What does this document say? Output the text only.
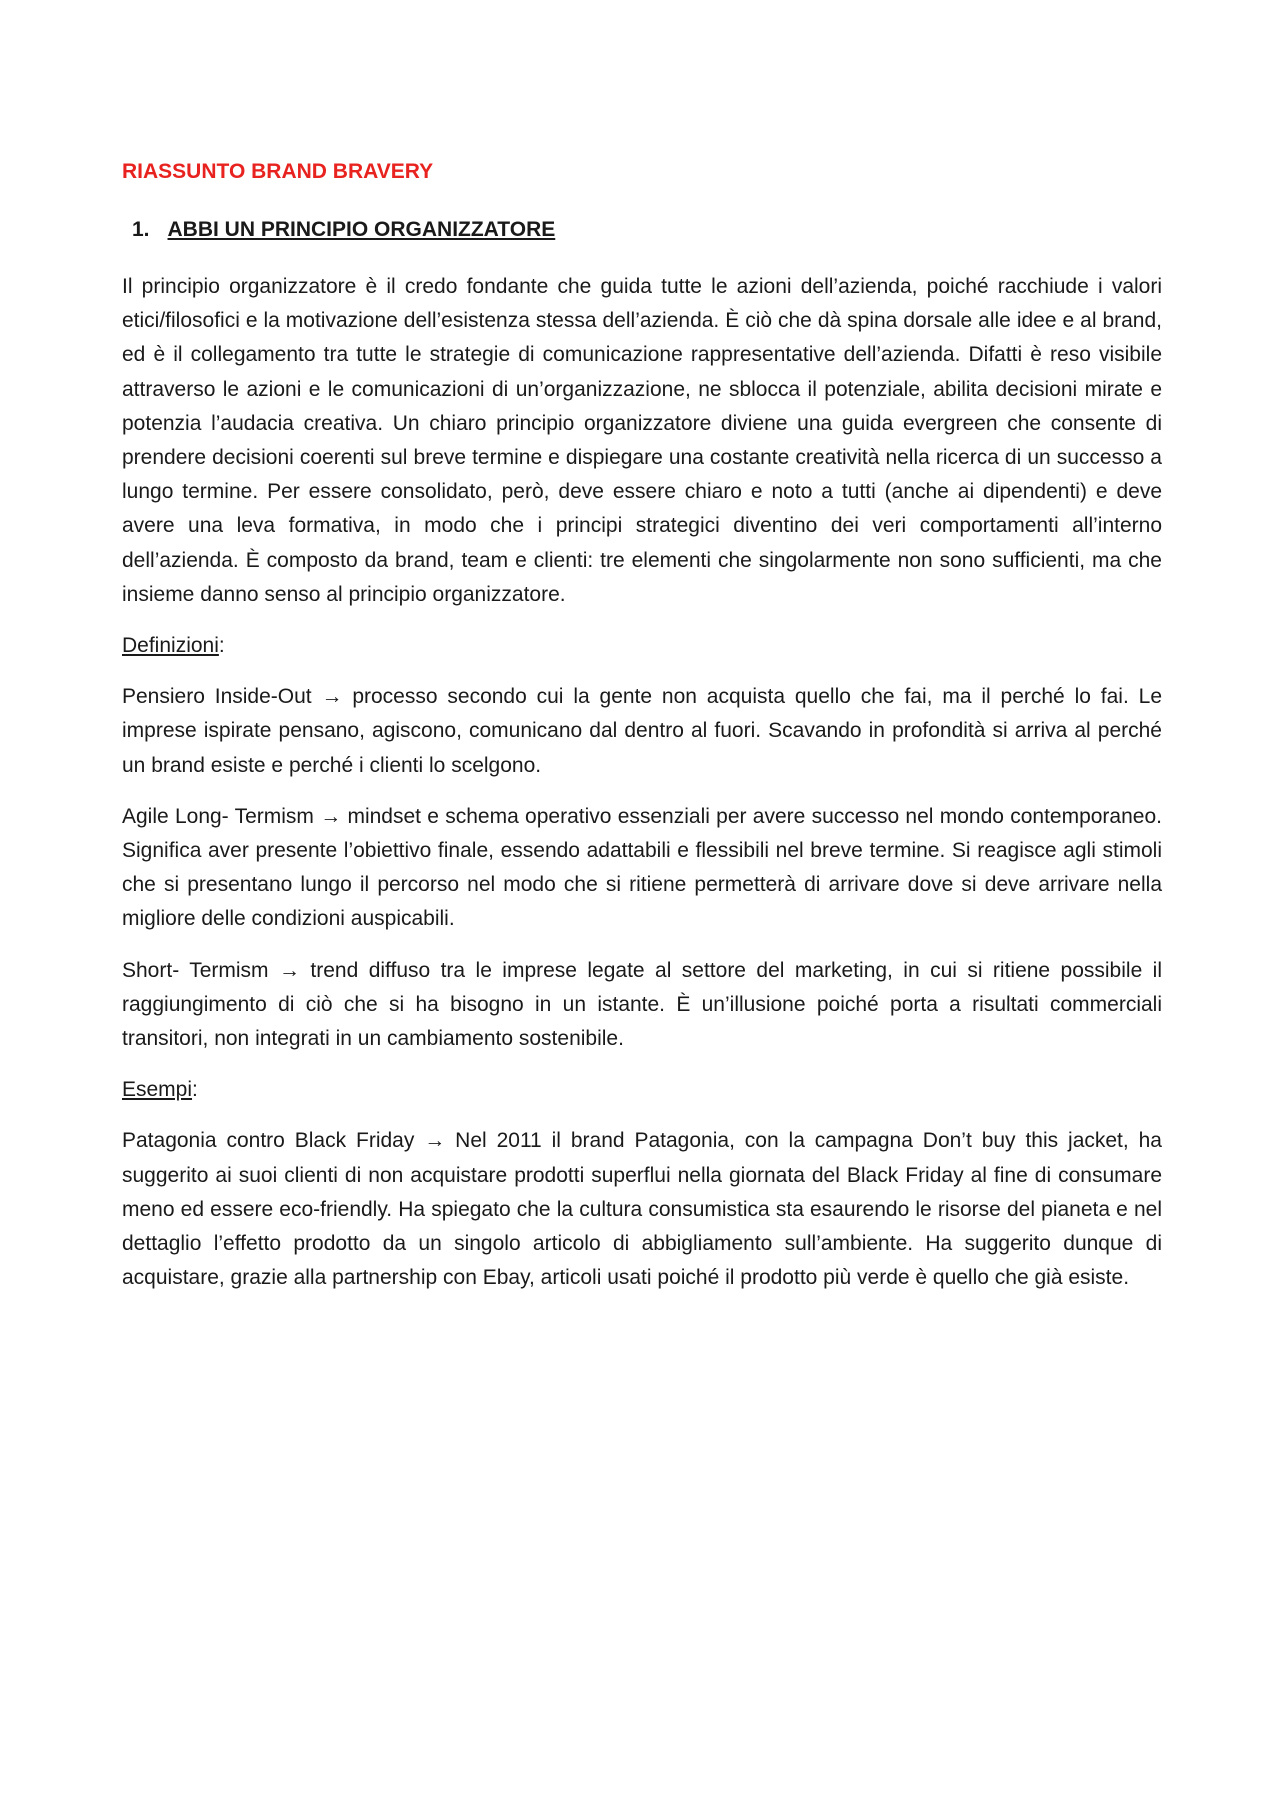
RIASSUNTO BRAND BRAVERY
1. ABBI UN PRINCIPIO ORGANIZZATORE

Il principio organizzatore è il credo fondante che guida tutte le azioni dell’azienda, poiché racchiude i valori etici/filosofici e la motivazione dell’esistenza stessa dell’azienda. È ciò che dà spina dorsale alle idee e al brand, ed è il collegamento tra tutte le strategie di comunicazione rappresentative dell’azienda. Difatti è reso visibile attraverso le azioni e le comunicazioni di un’organizzazione, ne sblocca il potenziale, abilita decisioni mirate e potenzia l’audacia creativa. Un chiaro principio organizzatore diviene una guida evergreen che consente di prendere decisioni coerenti sul breve termine e dispiegare una costante creatività nella ricerca di un successo a lungo termine. Per essere consolidato, però, deve essere chiaro e noto a tutti (anche ai dipendenti) e deve avere una leva formativa, in modo che i principi strategici diventino dei veri comportamenti all’interno dell’azienda. È composto da brand, team e clienti: tre elementi che singolarmente non sono sufficienti, ma che insieme danno senso al principio organizzatore.

Definizioni:

Pensiero Inside-Out → processo secondo cui la gente non acquista quello che fai, ma il perché lo fai. Le imprese ispirate pensano, agiscono, comunicano dal dentro al fuori. Scavando in profondità si arriva al perché un brand esiste e perché i clienti lo scelgono.

Agile Long- Termism → mindset e schema operativo essenziali per avere successo nel mondo contemporaneo. Significa aver presente l’obiettivo finale, essendo adattabili e flessibili nel breve termine. Si reagisce agli stimoli che si presentano lungo il percorso nel modo che si ritiene permetterà di arrivare dove si deve arrivare nella migliore delle condizioni auspicabili.

Short- Termism → trend diffuso tra le imprese legate al settore del marketing, in cui si ritiene possibile il raggiungimento di ciò che si ha bisogno in un istante. È un’illusione poiché porta a risultati commerciali transitori, non integrati in un cambiamento sostenibile.

Esempi:

Patagonia contro Black Friday → Nel 2011 il brand Patagonia, con la campagna Don’t buy this jacket, ha suggerito ai suoi clienti di non acquistare prodotti superflui nella giornata del Black Friday al fine di consumare meno ed essere eco-friendly. Ha spiegato che la cultura consumistica sta esaurendo le risorse del pianeta e nel dettaglio l’effetto prodotto da un singolo articolo di abbigliamento sull’ambiente. Ha suggerito dunque di acquistare, grazie alla partnership con Ebay, articoli usati poiché il prodotto più verde è quello che già esiste.
